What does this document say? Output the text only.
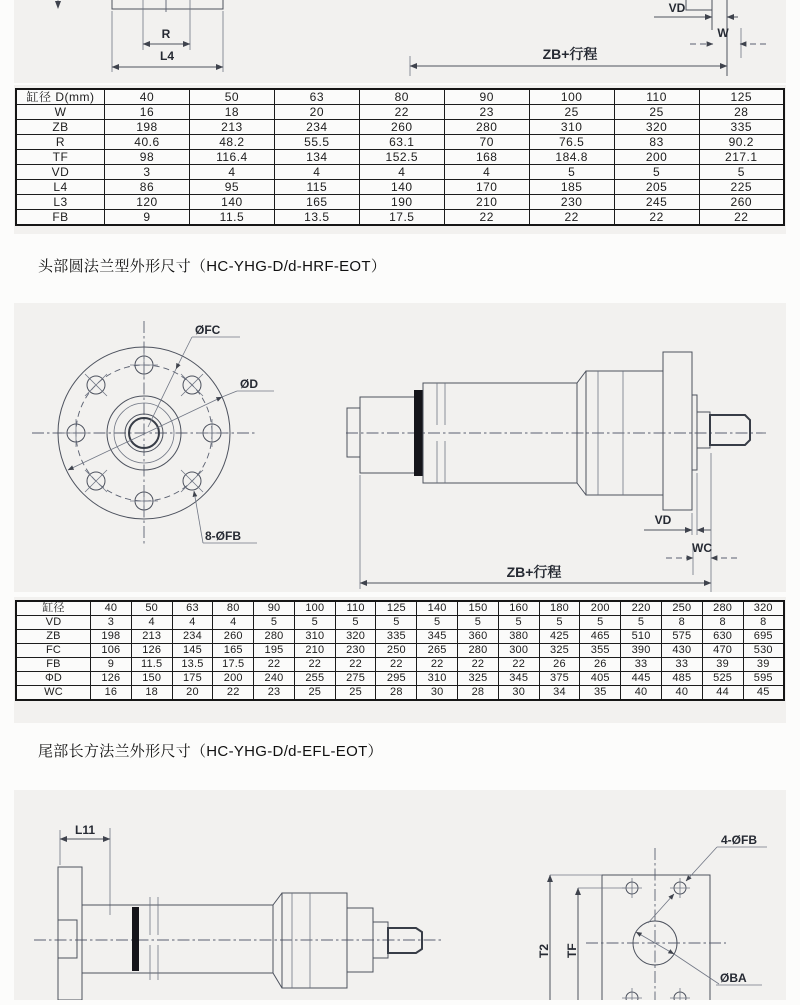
R
L4
VD
W
ZB+行程
缸径 D(mm)	40	50	63	80	90	100	110	125
W	16	18	20	22	23	25	25	28
ZB	198	213	234	260	280	310	320	335
R	40.6	48.2	55.5	63.1	70	76.5	83	90.2
TF	98	116.4	134	152.5	168	184.8	200	217.1
VD	3	4	4	4	4	5	5	5
L4	86	95	115	140	170	185	205	225
L3	120	140	165	190	210	230	245	260
FB	9	11.5	13.5	17.5	22	22	22	22
头部圆法兰型外形尺寸（HC-YHG-D/d-HRF-EOT）
ØFC
ØD
8-ØFB
VD
WC
ZB+行程
缸径	40	50	63	80	90	100	110	125	140	150	160	180	200	220	250	280	320
VD	3	4	4	4	5	5	5	5	5	5	5	5	5	5	8	8	8
ZB	198	213	234	260	280	310	320	335	345	360	380	425	465	510	575	630	695
FC	106	126	145	165	195	210	230	250	265	280	300	325	355	390	430	470	530
FB	9	11.5	13.5	17.5	22	22	22	22	22	22	22	26	26	33	33	39	39
ΦD	126	150	175	200	240	255	275	295	310	325	345	375	405	445	485	525	595
WC	16	18	20	22	23	25	25	28	30	28	30	34	35	40	40	44	45
尾部长方法兰外形尺寸（HC-YHG-D/d-EFL-EOT）
L11
4-ØFB
ØBA
T2 TF
